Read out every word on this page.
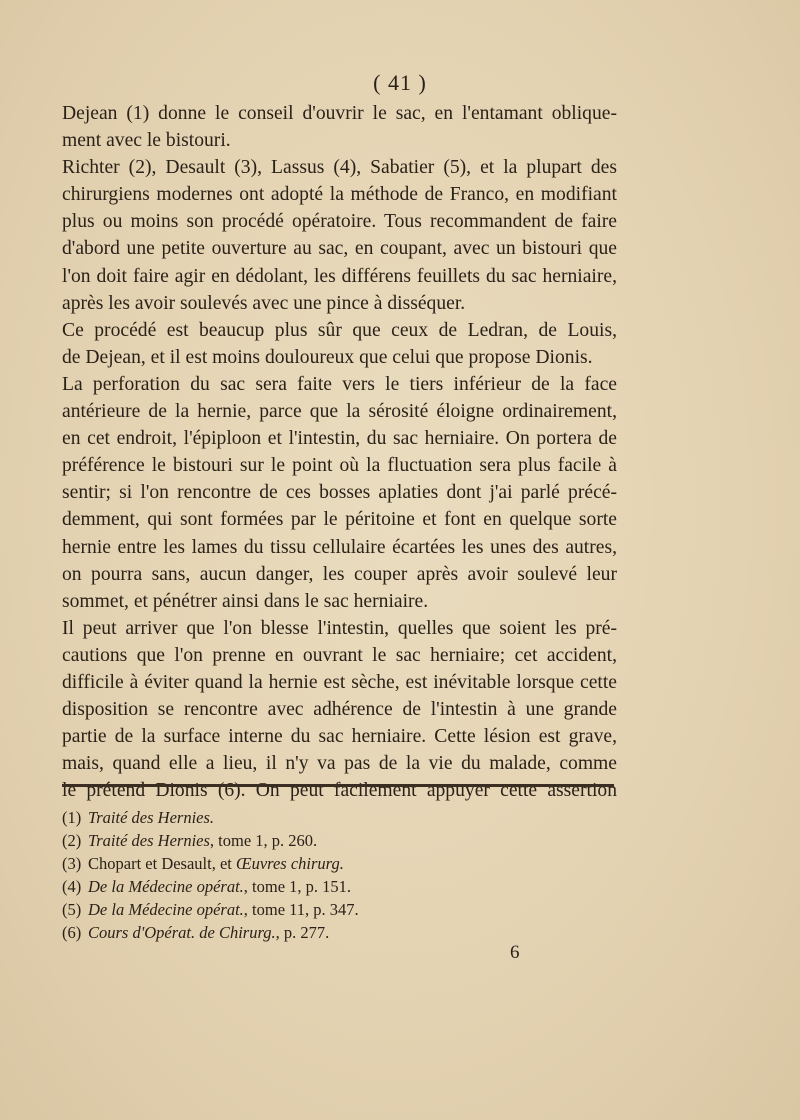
( 41 )
Dejean (1) donne le conseil d'ouvrir le sac, en l'entamant oblique-
ment avec le bistouri.
Richter (2), Desault (3), Lassus (4), Sabatier (5), et la plupart des
chirurgiens modernes ont adopté la méthode de Franco, en modifiant
plus ou moins son procédé opératoire. Tous recommandent de faire
d'abord une petite ouverture au sac, en coupant, avec un bistouri que
l'on doit faire agir en dédolant, les différens feuillets du sac herniaire,
après les avoir soulevés avec une pince à disséquer.
Ce procédé est beaucup plus sûr que ceux de Ledran, de Louis,
de Dejean, et il est moins douloureux que celui que propose Dionis.
La perforation du sac sera faite vers le tiers inférieur de la face
antérieure de la hernie, parce que la sérosité éloigne ordinairement,
en cet endroit, l'épiploon et l'intestin, du sac herniaire. On portera de
préférence le bistouri sur le point où la fluctuation sera plus facile à
sentir; si l'on rencontre de ces bosses aplaties dont j'ai parlé précé-
demment, qui sont formées par le péritoine et font en quelque sorte
hernie entre les lames du tissu cellulaire écartées les unes des autres,
on pourra sans, aucun danger, les couper après avoir soulevé leur
sommet, et pénétrer ainsi dans le sac herniaire.
Il peut arriver que l'on blesse l'intestin, quelles que soient les pré-
cautions que l'on prenne en ouvrant le sac herniaire; cet accident,
difficile à éviter quand la hernie est sèche, est inévitable lorsque cette
disposition se rencontre avec adhérence de l'intestin à une grande
partie de la surface interne du sac herniaire. Cette lésion est grave,
mais, quand elle a lieu, il n'y va pas de la vie du malade, comme
le prétend Dionis (6). On peut facilement appuyer cette assertion
(1) Traité des Hernies.
(2) Traité des Hernies, tome 1, p. 260.
(3) Chopart et Desault, et Œuvres chirurg.
(4) De la Médecine opérat., tome 1, p. 151.
(5) De la Médecine opérat., tome 11, p. 347.
(6) Cours d'Opérat. de Chirurg., p. 277.
6
